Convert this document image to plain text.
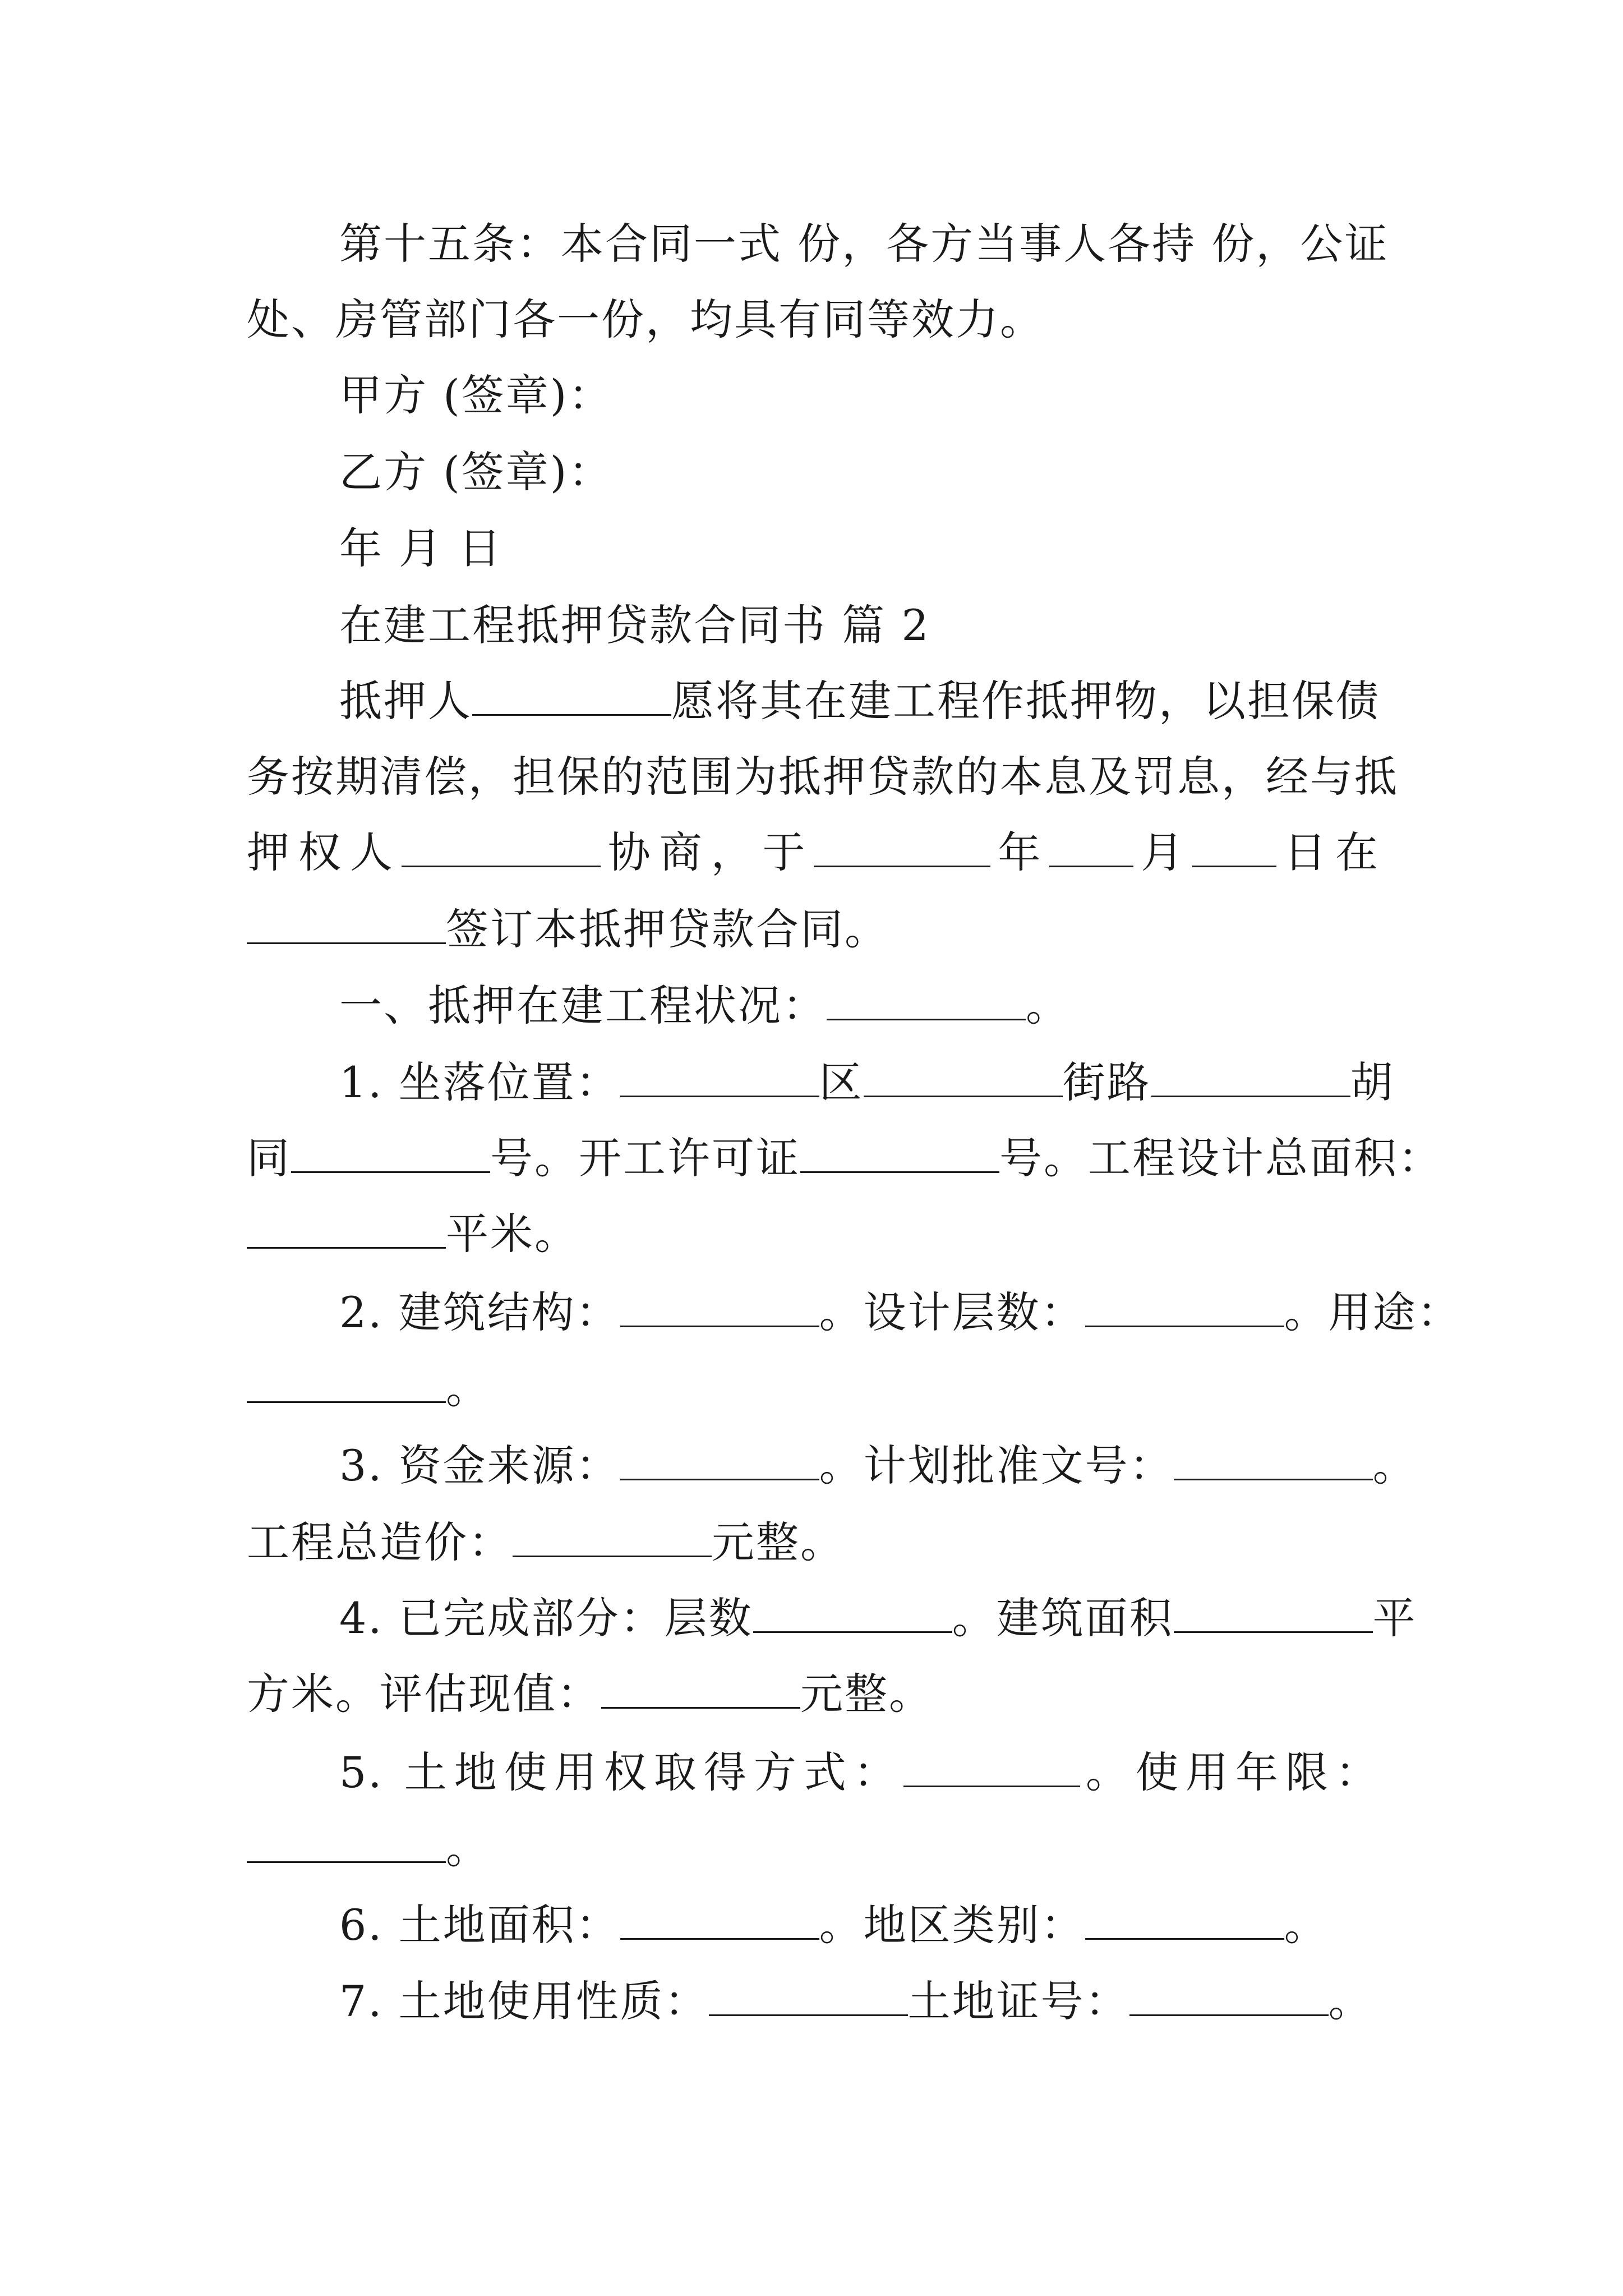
第十五条：本合同一式 份，各方当事人各持 份，公证
处、房管部门各一份，均具有同等效力。
甲方 (签章)：
乙方 (签章)：
年 月 日
在建工程抵押贷款合同书 篇 2
抵押人	愿将其在建工程作抵押物，以担保债
务按期清偿，担保的范围为抵押贷款的本息及罚息，经与抵
押权人	协商，于	年 月 日在
签订本抵押贷款合同。
一、抵押在建工程状况：	。
1. 坐落位置：	区	街路	胡
同	号。开工许可证	号。工程设计总面积：
平米。
2. 建筑结构：	。设计层数：	。用途：
。
3. 资金来源：	。计划批准文号：	。
工程总造价：	元整。
4. 已完成部分：层数	。建筑面积	平
方米。评估现值：	元整。
5. 土地使用权取得方式：	。使用年限：
。
6. 土地面积：	。地区类别：	。
7. 土地使用性质：	土地证号：	。
